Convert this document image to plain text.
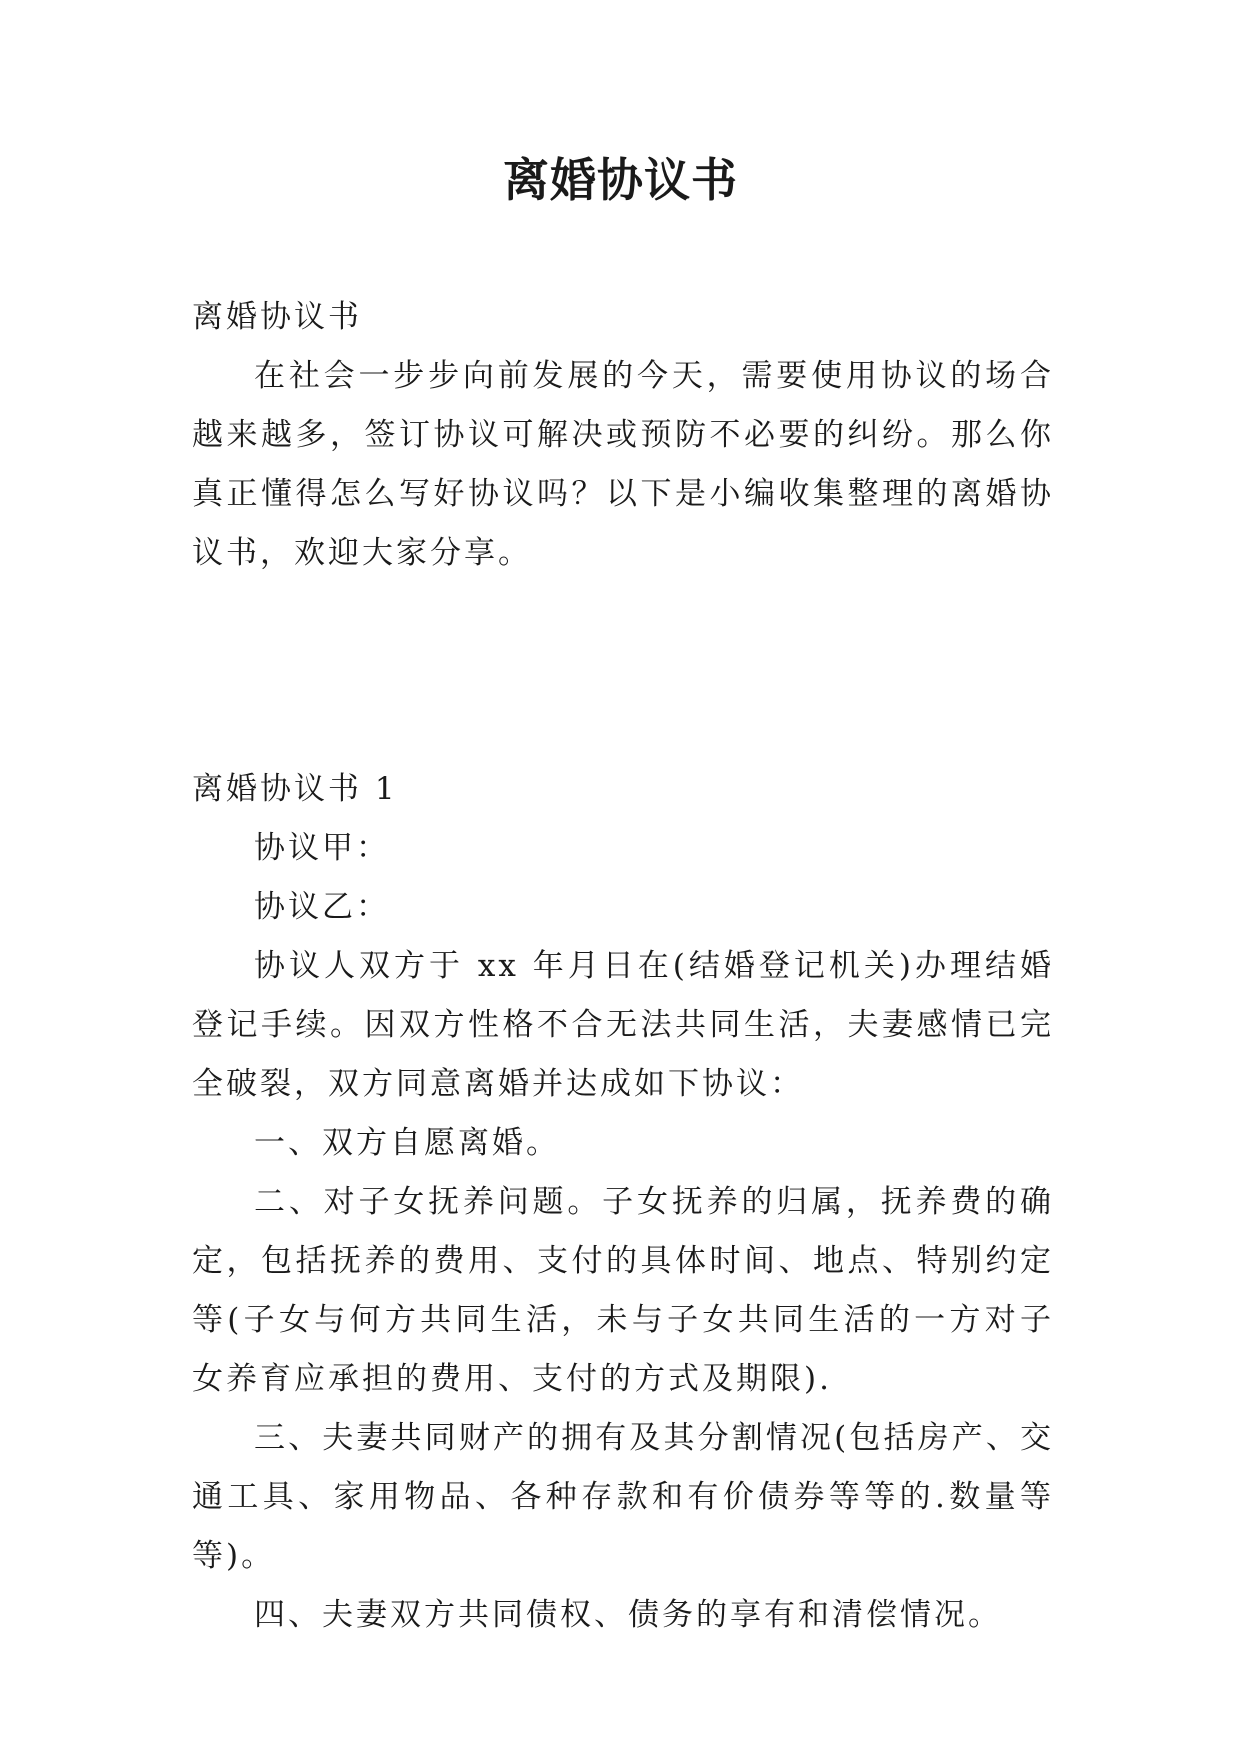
离婚协议书

离婚协议书

在社会一步步向前发展的今天，需要使用协议的场合越来越多，签订协议可解决或预防不必要的纠纷。那么你真正懂得怎么写好协议吗？以下是小编收集整理的离婚协议书，欢迎大家分享。

离婚协议书 1

协议甲：

协议乙：

协议人双方于 xx 年月日在(结婚登记机关)办理结婚登记手续。因双方性格不合无法共同生活，夫妻感情已完全破裂，双方同意离婚并达成如下协议：

一、双方自愿离婚。

二、对子女抚养问题。子女抚养的归属，抚养费的确定，包括抚养的费用、支付的具体时间、地点、特别约定等(子女与何方共同生活，未与子女共同生活的一方对子女养育应承担的费用、支付的方式及期限).

三、夫妻共同财产的拥有及其分割情况(包括房产、交通工具、家用物品、各种存款和有价债券等等的.数量等等)。

四、夫妻双方共同债权、债务的享有和清偿情况。
